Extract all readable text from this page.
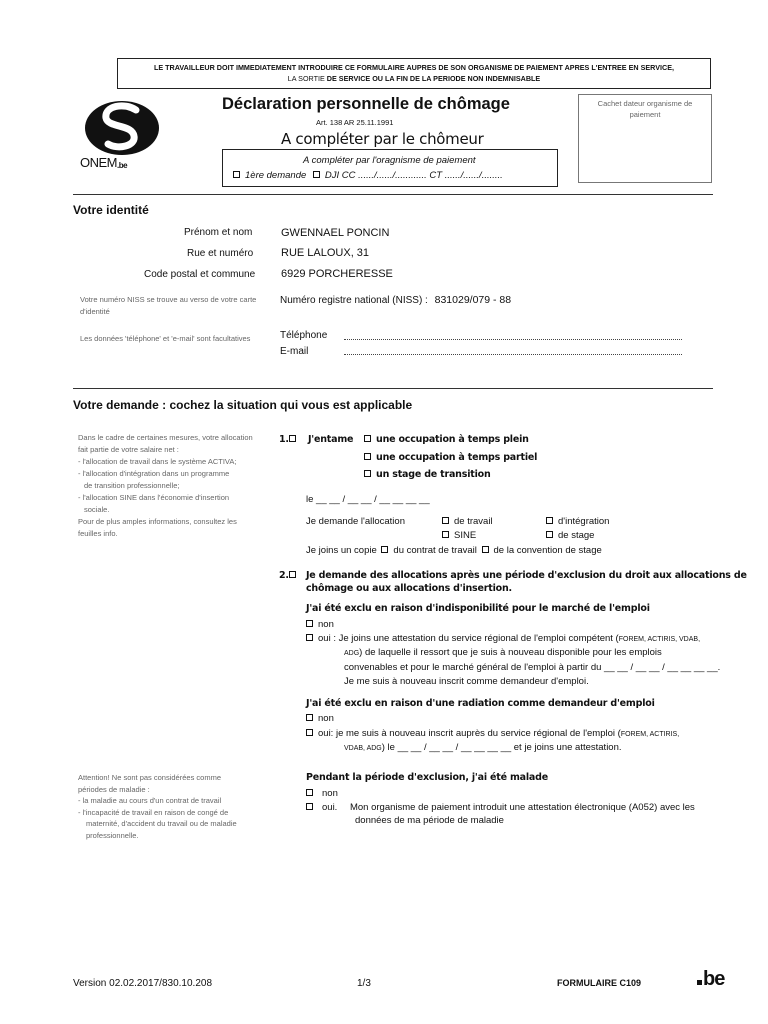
LE TRAVAILLEUR DOIT IMMEDIATEMENT INTRODUIRE CE FORMULAIRE AUPRES DE SON ORGANISME DE PAIEMENT APRES L'ENTREE EN SERVICE,
LA SORTIE DE SERVICE OU LA FIN DE LA PERIODE NON INDEMNISABLE
$ONEM_{.be}$
Déclaration personnelle de chômage
Art. 138 AR 25.11.1991
A compléter par le chômeur
A compléter par l'oragnisme de paiement
1ère demande DJI CC ....../....../............ CT ....../....../........
Cachet dateur organisme de paiement
Votre identité
Prénom et nom	GWENNAEL PONCIN
Rue et numéro	RUE LALOUX, 31
Code postal et commune 6929 PORCHERESSE
Votre numéro NISS se trouve au verso de votre carte d'identité
Numéro registre national (NISS) : 831029/079 - 88
Les données 'téléphone' et 'e-mail' sont facultatives	Téléphone
E-mail
Votre demande : cochez la situation qui vous est applicable
Dans le cadre de certaines mesures, votre allocation
fait partie de votre salaire net :
- l'allocation de travail dans le système ACTIVA;
- l'allocation d'intégration dans un programme
de transition professionnelle;
- l'allocation SINE dans l'économie d'insertion
sociale.
Pour de plus amples informations, consultez les
feuilles info.
1. J'entame	une occupation à temps plein
une occupation à temps partiel
un stage de transition
le __ __ / __ __ / __ __ __ __
Je demande l'allocation	de travail	d'intégration
SINE	de stage
Je joins un copie du contrat de travail de la convention de stage
2. Je demande des allocations après une période d'exclusion du droit aux allocations de
chômage ou aux allocations d'insertion.
J'ai été exclu en raison d'indisponibilité pour le marché de l'emploi
non
oui : Je joins une attestation du service régional de l'emploi compétent (FOREM, ACTIRIS, VDAB,
ADG) de laquelle il ressort que je suis à nouveau disponible pour les emplois
convenables et pour le marché général de l'emploi à partir du __ __ / __ __ / __ __ __ __.
Je me suis à nouveau inscrit comme demandeur d'emploi.
J'ai été exclu en raison d'une radiation comme demandeur d'emploi
non
oui: je me suis à nouveau inscrit auprès du service régional de l'emploi (FOREM, ACTIRIS,
VDAB, ADG) le __ __ / __ __ / __ __ __ __ et je joins une attestation.
Attention! Ne sont pas considérées comme
périodes de maladie :
- la maladie au cours d'un contrat de travail
- l'incapacité de travail en raison de congé de
maternité, d'accident du travail ou de maladie
professionnelle.
Pendant la période d'exclusion, j'ai été malade
non
oui. Mon organisme de paiement introduit une attestation électronique (A052) avec les
données de ma période de maladie
Version 02.02.2017/830.10.208	1/3	FORMULAIRE C109	be
